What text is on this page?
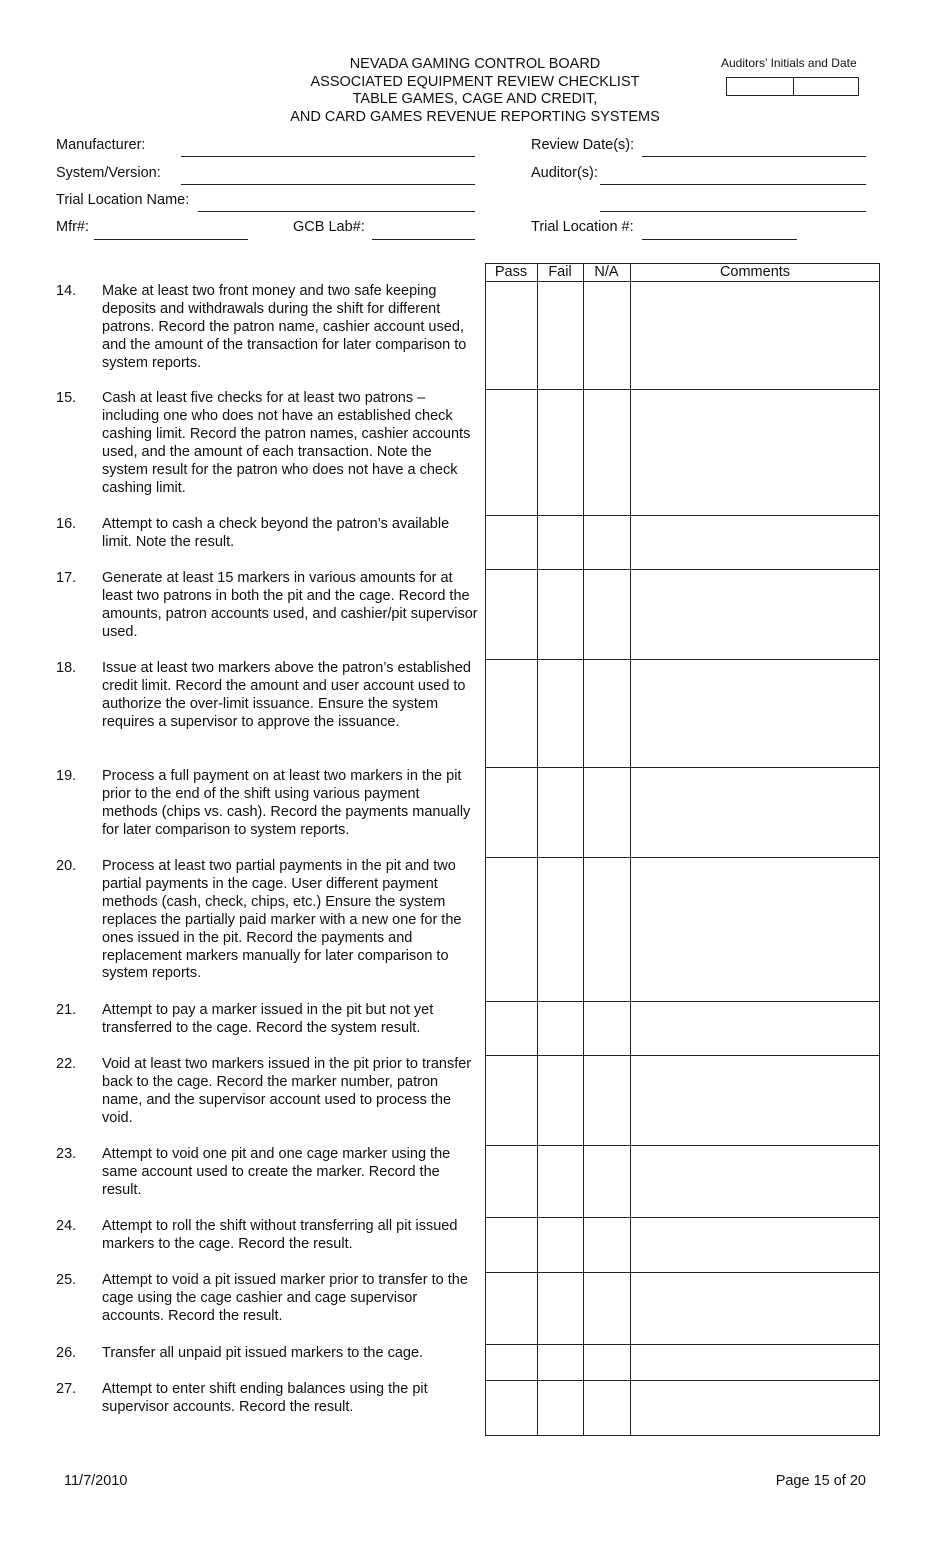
NEVADA GAMING CONTROL BOARD
ASSOCIATED EQUIPMENT REVIEW CHECKLIST
TABLE GAMES, CAGE AND CREDIT,
AND CARD GAMES REVENUE REPORTING SYSTEMS
Auditors’ Initials and Date
Manufacturer:
System/Version:
Trial Location Name:
Mfr#:	GCB Lab#:
Review Date(s):
Auditor(s):
Trial Location #:
Pass	Fail	N/A	Comments
14. Make at least two front money and two safe keeping deposits and withdrawals during the shift for different patrons. Record the patron name, cashier account used, and the amount of the transaction for later comparison to system reports.
15. Cash at least five checks for at least two patrons – including one who does not have an established check cashing limit. Record the patron names, cashier accounts used, and the amount of each transaction. Note the system result for the patron who does not have a check cashing limit.
16. Attempt to cash a check beyond the patron’s available limit. Note the result.
17. Generate at least 15 markers in various amounts for at least two patrons in both the pit and the cage. Record the amounts, patron accounts used, and cashier/pit supervisor used.
18. Issue at least two markers above the patron’s established credit limit. Record the amount and user account used to authorize the over-limit issuance. Ensure the system requires a supervisor to approve the issuance.
19. Process a full payment on at least two markers in the pit prior to the end of the shift using various payment methods (chips vs. cash). Record the payments manually for later comparison to system reports.
20. Process at least two partial payments in the pit and two partial payments in the cage. User different payment methods (cash, check, chips, etc.) Ensure the system replaces the partially paid marker with a new one for the ones issued in the pit. Record the payments and replacement markers manually for later comparison to system reports.
21. Attempt to pay a marker issued in the pit but not yet transferred to the cage. Record the system result.
22. Void at least two markers issued in the pit prior to transfer back to the cage. Record the marker number, patron name, and the supervisor account used to process the void.
23. Attempt to void one pit and one cage marker using the same account used to create the marker. Record the result.
24. Attempt to roll the shift without transferring all pit issued markers to the cage. Record the result.
25. Attempt to void a pit issued marker prior to transfer to the cage using the cage cashier and cage supervisor accounts. Record the result.
26. Transfer all unpaid pit issued markers to the cage.
27. Attempt to enter shift ending balances using the pit supervisor accounts. Record the result.
11/7/2010	Page 15 of 20
